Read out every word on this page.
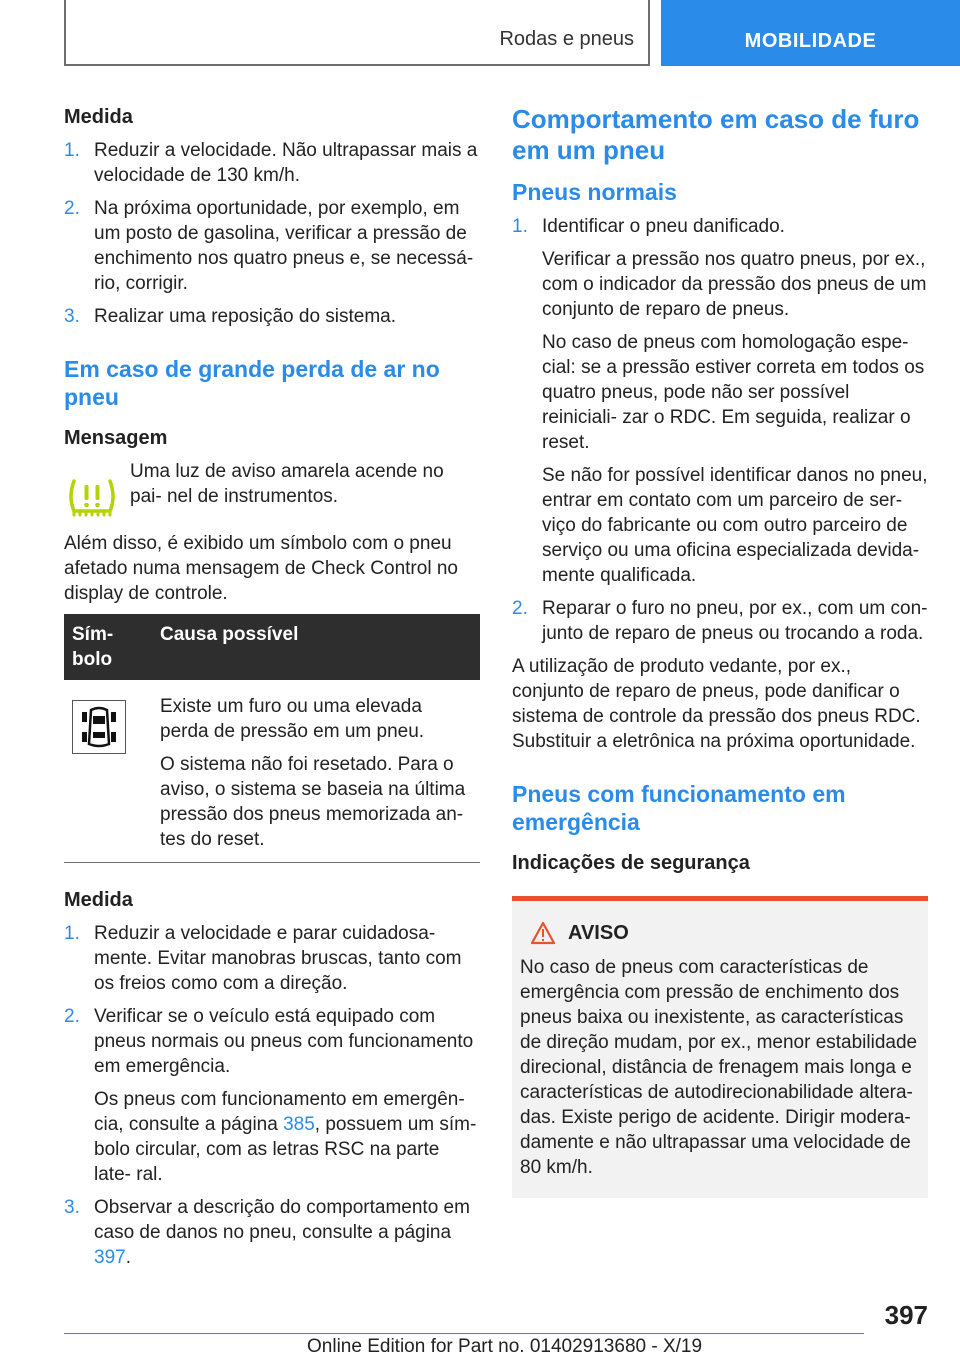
Rodas e pneus	MOBILIDADE
Medida
1. Reduzir a velocidade. Não ultrapassar mais a velocidade de 130 km/h.
2. Na próxima oportunidade, por exemplo, em um posto de gasolina, verificar a pressão de enchimento nos quatro pneus e, se necessá‐ rio, corrigir.
3. Realizar uma reposição do sistema.
Em caso de grande perda de ar no pneu
Mensagem
Uma luz de aviso amarela acende no pai‐ nel de instrumentos.
Além disso, é exibido um símbolo com o pneu afetado numa mensagem de Check Control no display de controle.
Sím‐ bolo	Causa possível

Existe um furo ou uma elevada perda de pressão em um pneu.
O sistema não foi resetado. Para o aviso, o sistema se baseia na última pressão dos pneus memorizada an‐ tes do reset.
Medida
1. Reduzir a velocidade e parar cuidadosa‐ mente. Evitar manobras bruscas, tanto com os freios como com a direção.
2. Verificar se o veículo está equipado com pneus normais ou pneus com funcionamento em emergência.
Os pneus com funcionamento em emergên‐ cia, consulte a página 385, possuem um sím‐ bolo circular, com as letras RSC na parte late‐ ral.
3. Observar a descrição do comportamento em caso de danos no pneu, consulte a página 397.
Comportamento em caso de furo em um pneu
Pneus normais
1. Identificar o pneu danificado.
Verificar a pressão nos quatro pneus, por ex., com o indicador da pressão dos pneus de um conjunto de reparo de pneus.
No caso de pneus com homologação espe‐ cial: se a pressão estiver correta em todos os quatro pneus, pode não ser possível reiniciali‐ zar o RDC. Em seguida, realizar o reset.
Se não for possível identificar danos no pneu, entrar em contato com um parceiro de ser‐ viço do fabricante ou com outro parceiro de serviço ou uma oficina especializada devida‐ mente qualificada.
2. Reparar o furo no pneu, por ex., com um con‐ junto de reparo de pneus ou trocando a roda.
A utilização de produto vedante, por ex., conjunto de reparo de pneus, pode danificar o sistema de controle da pressão dos pneus RDC. Substituir a eletrônica na próxima oportunidade.
Pneus com funcionamento em emergência
Indicações de segurança
AVISO
No caso de pneus com características de emergência com pressão de enchimento dos pneus baixa ou inexistente, as características de direção mudam, por ex., menor estabilidade direcional, distância de frenagem mais longa e características de autodirecionabilidade altera‐ das. Existe perigo de acidente. Dirigir modera‐ damente e não ultrapassar uma velocidade de 80 km/h.
397
Online Edition for Part no. 01402913680 - X/19
